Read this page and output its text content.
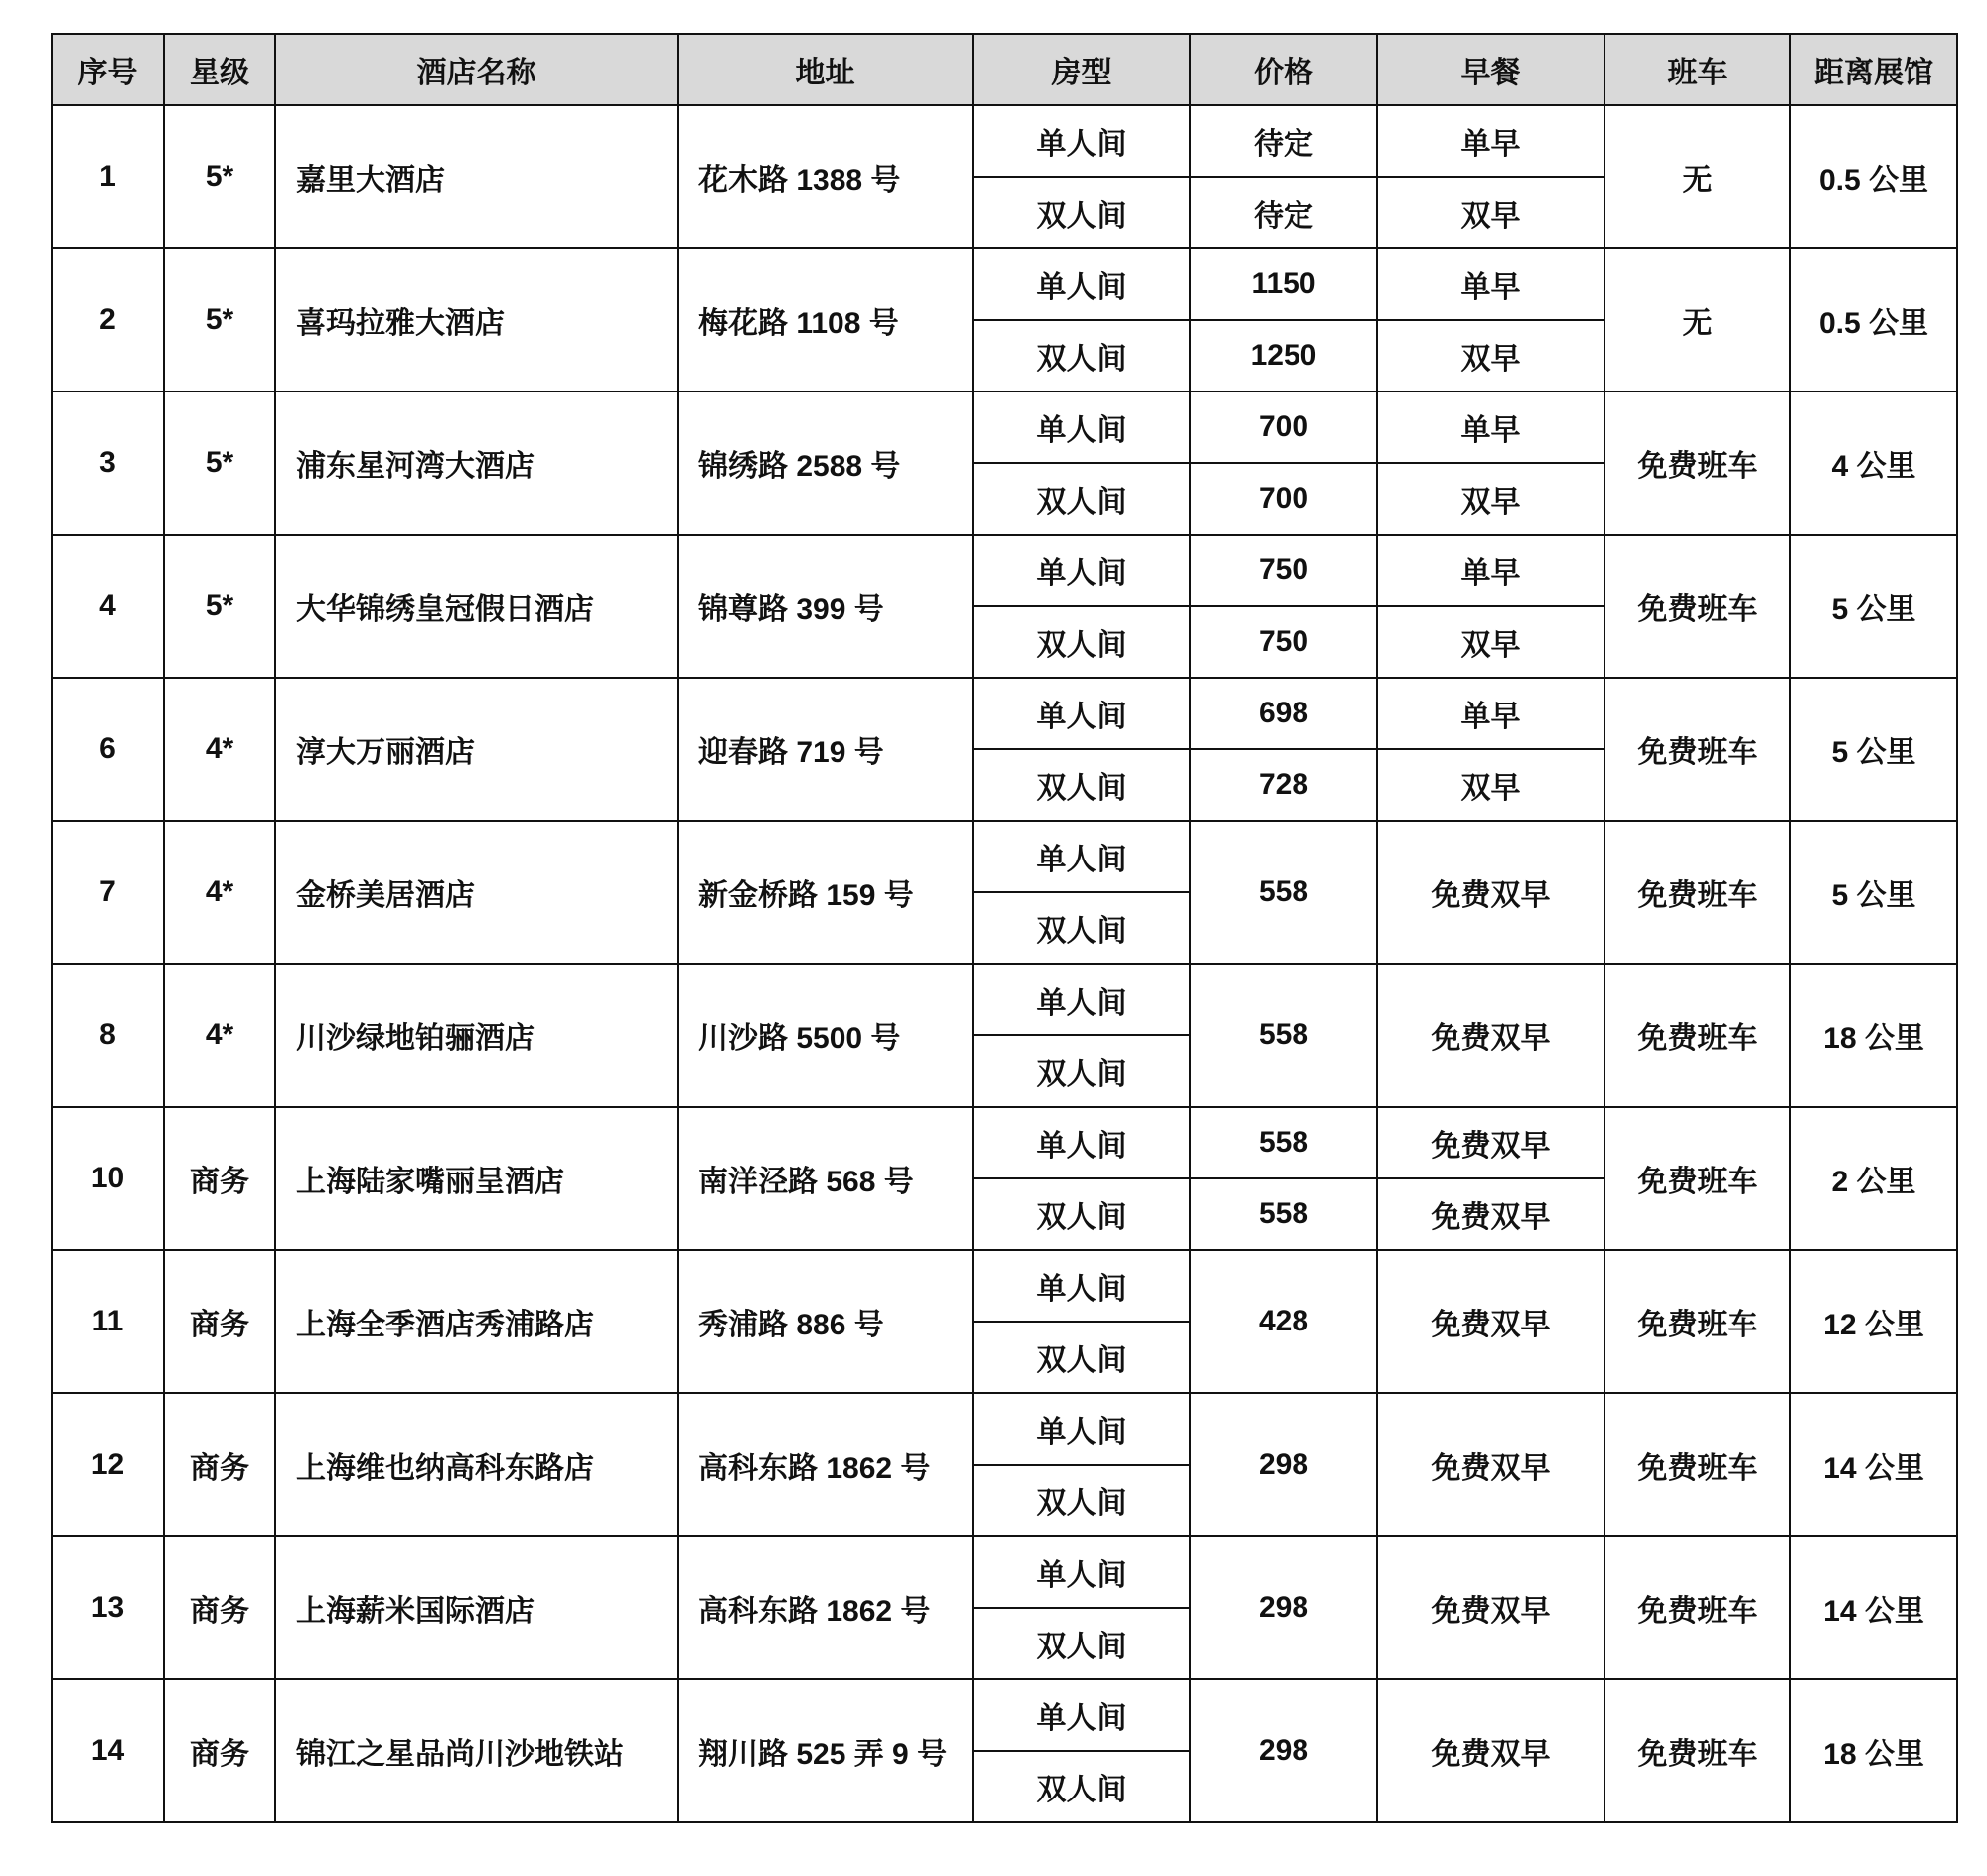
序号	星级	酒店名称	地址	房型	价格	早餐	班车	距离展馆
1	5*	嘉里大酒店	花木路 1388 号	单人间	待定	单早	无	0.5 公里
				双人间	待定	双早		
2	5*	喜玛拉雅大酒店	梅花路 1108 号	单人间	1150	单早	无	0.5 公里
				双人间	1250	双早		
3	5*	浦东星河湾大酒店	锦绣路 2588 号	单人间	700	单早	免费班车	4 公里
				双人间	700	双早		
4	5*	大华锦绣皇冠假日酒店	锦尊路 399 号	单人间	750	单早	免费班车	5 公里
				双人间	750	双早		
6	4*	淳大万丽酒店	迎春路 719 号	单人间	698	单早	免费班车	5 公里
				双人间	728	双早		
7	4*	金桥美居酒店	新金桥路 159 号	单人间	558	免费双早	免费班车	5 公里
				双人间				
8	4*	川沙绿地铂骊酒店	川沙路 5500 号	单人间	558	免费双早	免费班车	18 公里
				双人间				
10	商务	上海陆家嘴丽呈酒店	南洋泾路 568 号	单人间	558	免费双早	免费班车	2 公里
				双人间	558	免费双早		
11	商务	上海全季酒店秀浦路店	秀浦路 886 号	单人间	428	免费双早	免费班车	12 公里
				双人间				
12	商务	上海维也纳高科东路店	高科东路 1862 号	单人间	298	免费双早	免费班车	14 公里
				双人间				
13	商务	上海薪米国际酒店	高科东路 1862 号	单人间	298	免费双早	免费班车	14 公里
				双人间				
14	商务	锦江之星品尚川沙地铁站	翔川路 525 弄 9 号	单人间	298	免费双早	免费班车	18 公里
				双人间				
